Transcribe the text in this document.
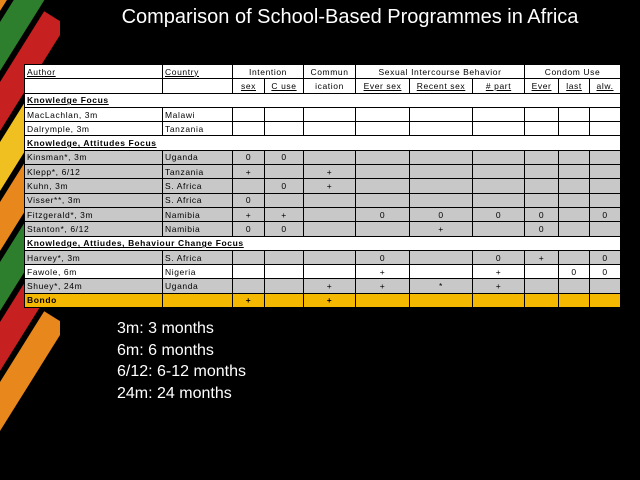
Comparison of School-Based Programmes in Africa
Author	Country	Intention		Commun	Sexual Intercourse Behavior			Condom Use		
		sex	C use	ication	Ever sex	Recent sex	# part	Ever	last	alw.
Knowledge Focus										
MacLachlan, 3m	Malawi									
Dalrymple, 3m	Tanzania									
Knowledge, Attitudes Focus										
Kinsman*, 3m	Uganda	0	0							
Klepp*, 6/12	Tanzania	+		+						
Kuhn, 3m	S. Africa		0	+						
Visser**, 3m	S. Africa	0								
Fitzgerald*, 3m	Namibia	+	+		0	0	0	0		0
Stanton*, 6/12	Namibia	0	0			+		0		
Knowledge, Attiudes, Behaviour Change Focus										
Harvey*, 3m	S. Africa				0		0	+		0
Fawole, 6m	Nigeria				+		+		0	0
Shuey*, 24m	Uganda			+	+	*	+			
Bondo		+		+						
3m: 3 months
6m: 6 months
6/12: 6-12 months
24m: 24 months
